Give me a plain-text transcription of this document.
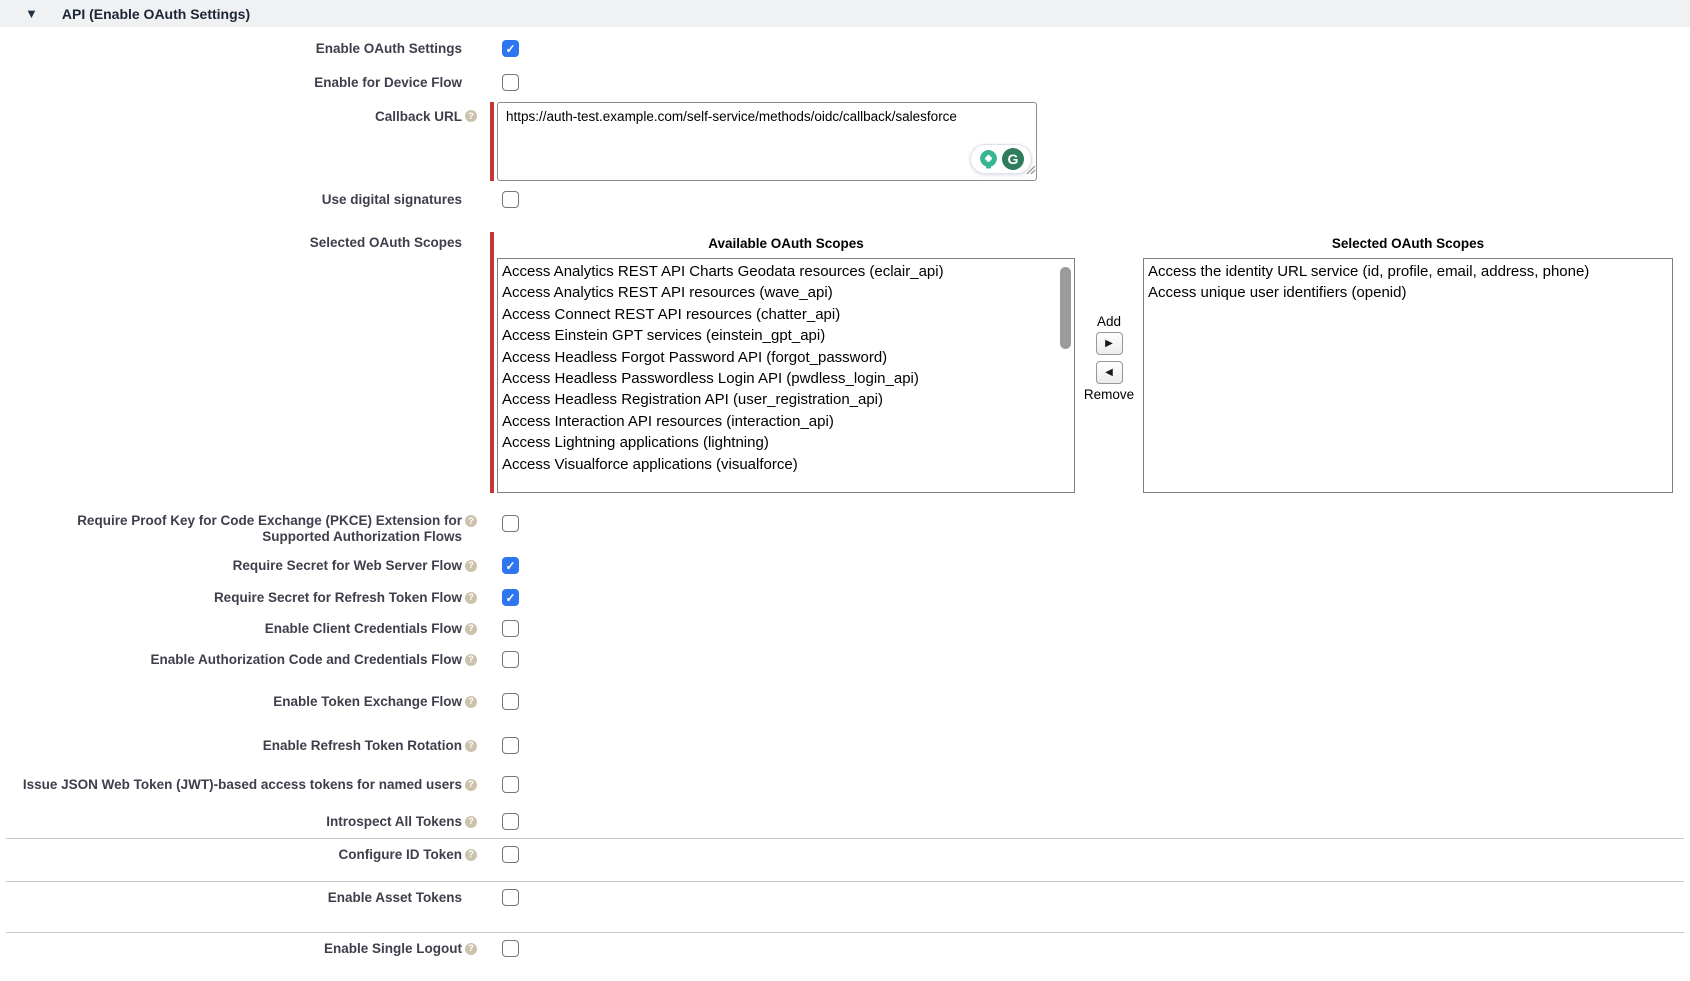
▼ API (Enable OAuth Settings)
Enable OAuth Settings	✓
Enable for Device Flow
Callback URL ?
https://auth-test.example.com/self-service/methods/oidc/callback/salesforce
G
Use digital signatures
Selected OAuth Scopes	Available OAuth Scopes
Access Analytics REST API Charts Geodata resources (eclair_api)
Access Analytics REST API resources (wave_api)
Access Connect REST API resources (chatter_api)
Access Einstein GPT services (einstein_gpt_api)
Access Headless Forgot Password API (forgot_password)
Access Headless Passwordless Login API (pwdless_login_api)
Access Headless Registration API (user_registration_api)
Access Interaction API resources (interaction_api)
Access Lightning applications (lightning)
Access Visualforce applications (visualforce)
Add
▶
◀
Remove
Selected OAuth Scopes
Access the identity URL service (id, profile, email, address, phone)
Access unique user identifiers (openid)
Require Proof Key for Code Exchange (PKCE) Extension for Supported Authorization Flows
?
Require Secret for Web Server Flow ?	✓
Require Secret for Refresh Token Flow ?	✓
Enable Client Credentials Flow ?
Enable Authorization Code and Credentials Flow ?
Enable Token Exchange Flow ?
Enable Refresh Token Rotation ?
Issue JSON Web Token (JWT)-based access tokens for named users ?
Introspect All Tokens ?
Configure ID Token ?
Enable Asset Tokens
Enable Single Logout ?
